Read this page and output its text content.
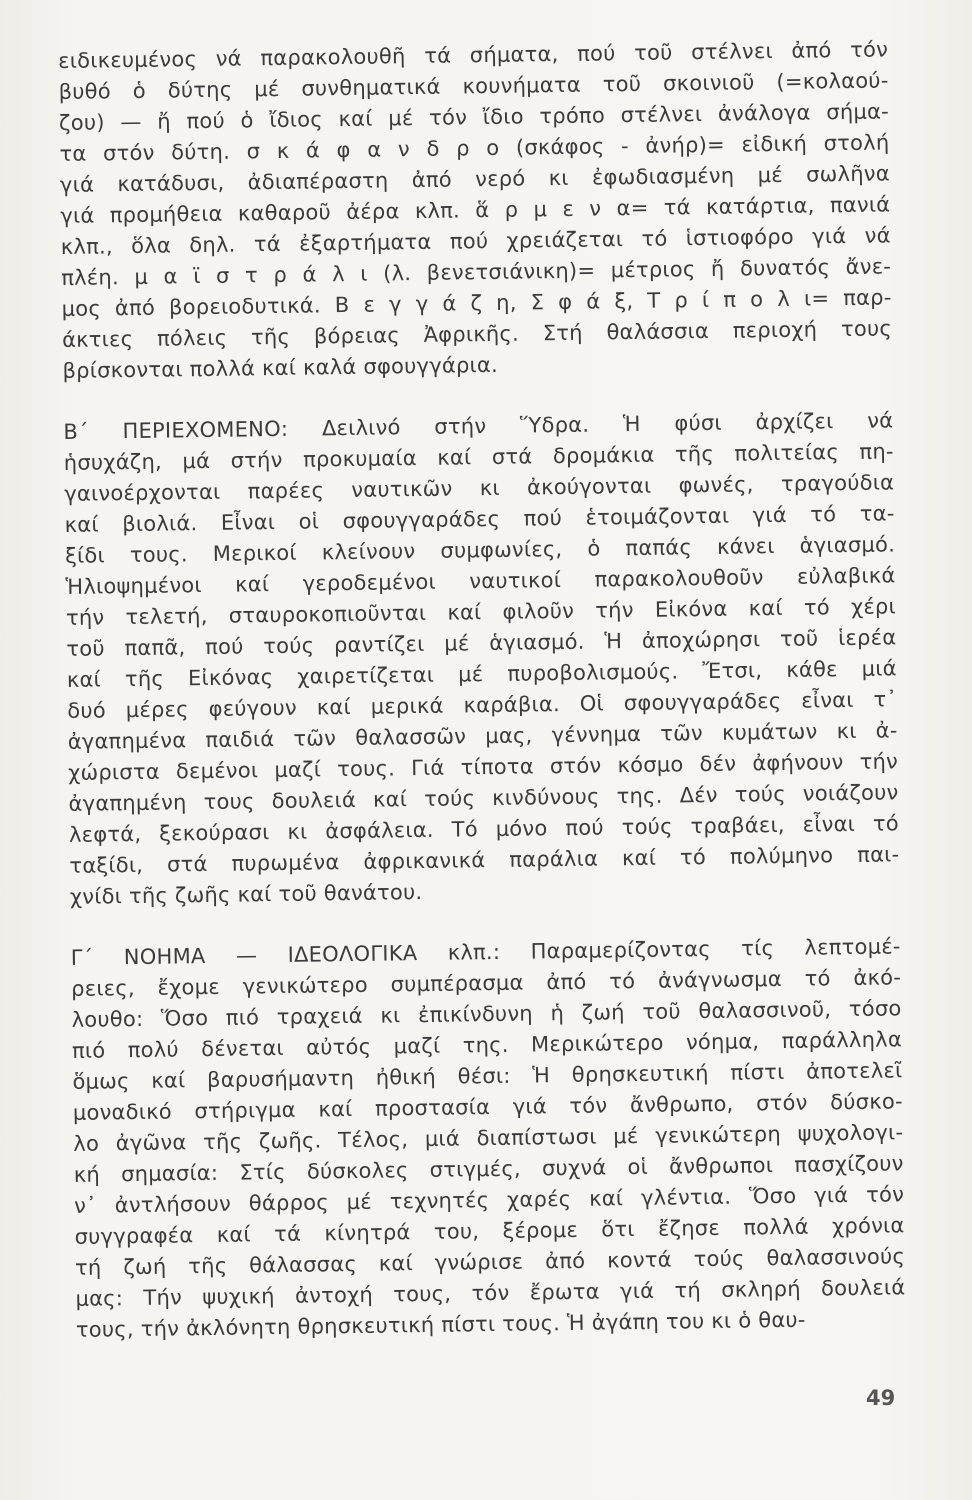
ειδικευμένος νά παρακολουθῆ τά σήματα, πού τοῦ στέλνει ἀπό τόν
βυθό ὁ δύτης μέ συνθηματικά κουνήματα τοῦ σκοινιοῦ (=κολαού-
ζου) — ἤ πού ὁ ἴδιος καί μέ τόν ἴδιο τρόπο στέλνει ἀνάλογα σήμα-
τα στόν δύτη. σ κ ά φ α ν δ ρ ο (σκάφος - ἀνήρ)= εἰδική στολή
γιά κατάδυσι, ἀδιαπέραστη ἀπό νερό κι ἐφωδιασμένη μέ σωλῆνα
γιά προμήθεια καθαροῦ ἀέρα κλπ. ἅ ρ μ ε ν α= τά κατάρτια, πανιά
κλπ., ὅλα δηλ. τά ἐξαρτήματα πού χρειάζεται τό ἱστιοφόρο γιά νά
πλέη. μ α ϊ σ τ ρ ά λ ι (λ. βενετσιάνικη)= μέτριος ἤ δυνατός ἄνε-
μος ἀπό βορειοδυτικά. Β ε γ γ ά ζ η, Σ φ ά ξ, Τ ρ ί π ο λ ι= παρ-
άκτιες πόλεις τῆς βόρειας Ἀφρικῆς. Στή θαλάσσια περιοχή τους
βρίσκονται πολλά καί καλά σφουγγάρια.

Β΄ ΠΕΡΙΕΧΟΜΕΝΟ: Δειλινό στήν Ὕδρα. Ἡ φύσι ἀρχίζει νά
ἡσυχάζη, μά στήν προκυμαία καί στά δρομάκια τῆς πολιτείας πη-
γαινοέρχονται παρέες ναυτικῶν κι ἀκούγονται φωνές, τραγούδια
καί βιολιά. Εἶναι οἱ σφουγγαράδες πού ἑτοιμάζονται γιά τό τα-
ξίδι τους. Μερικοί κλείνουν συμφωνίες, ὁ παπάς κάνει ἁγιασμό.
Ἡλιοψημένοι καί γεροδεμένοι ναυτικοί παρακολουθοῦν εὐλαβικά
τήν τελετή, σταυροκοπιοῦνται καί φιλοῦν τήν Εἰκόνα καί τό χέρι
τοῦ παπᾶ, πού τούς ραντίζει μέ ἁγιασμό. Ἡ ἀποχώρησι τοῦ ἱερέα
καί τῆς Εἰκόνας χαιρετίζεται μέ πυροβολισμούς. Ἔτσι, κάθε μιά
δυό μέρες φεύγουν καί μερικά καράβια. Οἱ σφουγγαράδες εἶναι τ᾽
ἀγαπημένα παιδιά τῶν θαλασσῶν μας, γέννημα τῶν κυμάτων κι ἀ-
χώριστα δεμένοι μαζί τους. Γιά τίποτα στόν κόσμο δέν ἀφήνουν τήν
ἀγαπημένη τους δουλειά καί τούς κινδύνους της. Δέν τούς νοιάζουν
λεφτά, ξεκούρασι κι ἀσφάλεια. Τό μόνο πού τούς τραβάει, εἶναι τό
ταξίδι, στά πυρωμένα ἀφρικανικά παράλια καί τό πολύμηνο παι-
χνίδι τῆς ζωῆς καί τοῦ θανάτου.

Γ΄ ΝΟΗΜΑ — ΙΔΕΟΛΟΓΙΚΑ κλπ.: Παραμερίζοντας τίς λεπτομέ-
ρειες, ἔχομε γενικώτερο συμπέρασμα ἀπό τό ἀνάγνωσμα τό ἀκό-
λουθο: Ὅσο πιό τραχειά κι ἐπικίνδυνη ἡ ζωή τοῦ θαλασσινοῦ, τόσο
πιό πολύ δένεται αὐτός μαζί της. Μερικώτερο νόημα, παράλληλα
ὅμως καί βαρυσήμαντη ἠθική θέσι: Ἡ θρησκευτική πίστι ἀποτελεῖ
μοναδικό στήριγμα καί προστασία γιά τόν ἄνθρωπο, στόν δύσκο-
λο ἀγῶνα τῆς ζωῆς. Τέλος, μιά διαπίστωσι μέ γενικώτερη ψυχολογι-
κή σημασία: Στίς δύσκολες στιγμές, συχνά οἱ ἄνθρωποι πασχίζουν
ν᾽ ἀντλήσουν θάρρος μέ τεχνητές χαρές καί γλέντια. Ὅσο γιά τόν
συγγραφέα καί τά κίνητρά του, ξέρομε ὅτι ἔζησε πολλά χρόνια
τή ζωή τῆς θάλασσας καί γνώρισε ἀπό κοντά τούς θαλασσινούς
μας: Τήν ψυχική ἀντοχή τους, τόν ἔρωτα γιά τή σκληρή δουλειά
τους, τήν ἀκλόνητη θρησκευτική πίστι τους. Ἡ ἀγάπη του κι ὁ θαυ-

49
